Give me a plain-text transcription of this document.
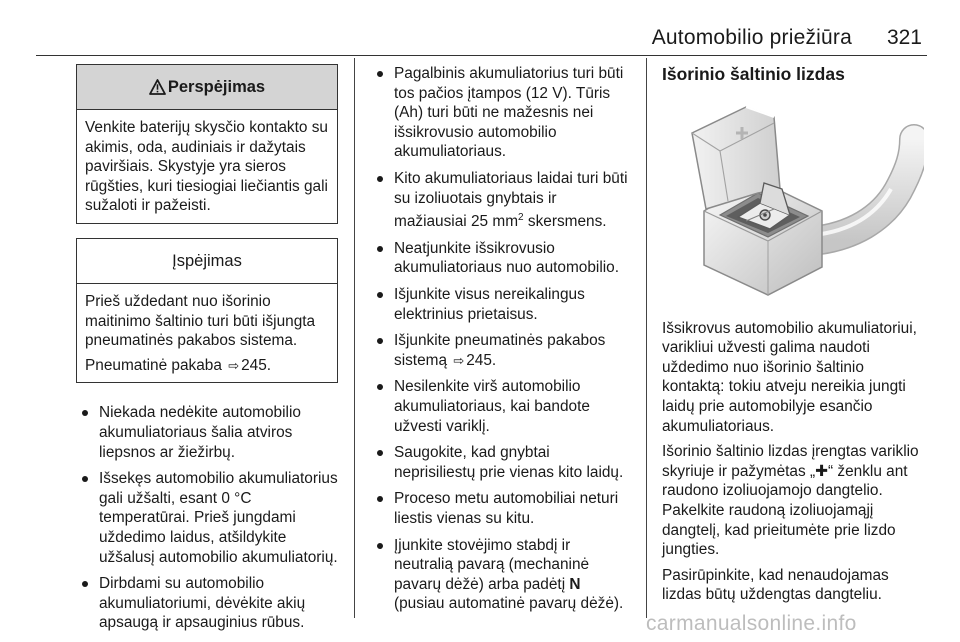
Automobilio priežiūra 321
Perspėjimas

Venkite baterijų skysčio kontakto su akimis, oda, audiniais ir dažytais paviršiais. Skystyje yra sieros rūgšties, kuri tiesiogiai liečiantis gali sužaloti ir pažeisti.

Įspėjimas

Prieš uždedant nuo išorinio maitinimo šaltinio turi būti išjungta pneumatinės pakabos sistema.

Pneumatinė pakaba ⇨ 245.

Niekada nedėkite automobilio akumuliatoriaus šalia atviros liepsnos ar žiežirbų.
Išsekęs automobilio akumuliatorius gali užšalti, esant 0 °C temperatūrai. Prieš jungdami uždedimo laidus, atšildykite užšalusį automobilio akumuliatorių.
Dirbdami su automobilio akumuliatoriumi, dėvėkite akių apsaugą ir apsauginius rūbus.
Pagalbinis akumuliatorius turi būti tos pačios įtampos (12 V). Tūris (Ah) turi būti ne mažesnis nei išsikrovusio automobilio akumuliatoriaus.
Kito akumuliatoriaus laidai turi būti su izoliuotais gnybtais ir mažiausiai 25 $mm^2$ skersmens.
Neatjunkite išsikrovusio akumuliatoriaus nuo automobilio.
Išjunkite visus nereikalingus elektrinius prietaisus.
Išjunkite pneumatinės pakabos sistemą ⇨ 245.
Nesilenkite virš automobilio akumuliatoriaus, kai bandote užvesti variklį.
Saugokite, kad gnybtai neprisiliestų prie vienas kito laidų.
Proceso metu automobiliai neturi liestis vienas su kitu.
Įjunkite stovėjimo stabdį ir neutralią pavarą (mechaninė pavarų dėžė) arba padėtį N
(pusiau automatinė pavarų dėžė).
Išorinio šaltinio lizdas

Išsikrovus automobilio akumuliatoriui, varikliui užvesti galima naudoti uždedimo nuo išorinio šaltinio kontaktą: tokiu atveju nereikia jungti laidų prie automobilyje esančio akumuliatoriaus.

Išorinio šaltinio lizdas įrengtas variklio skyriuje ir pažymėtas „✚“ ženklu ant raudono izoliuojamojo dangtelio. Pakelkite raudoną izoliuojamąjį dangtelį, kad prieitumėte prie lizdo jungties.

Pasirūpinkite, kad nenaudojamas lizdas būtų uždengtas dangteliu.

carmanualsonline.info
